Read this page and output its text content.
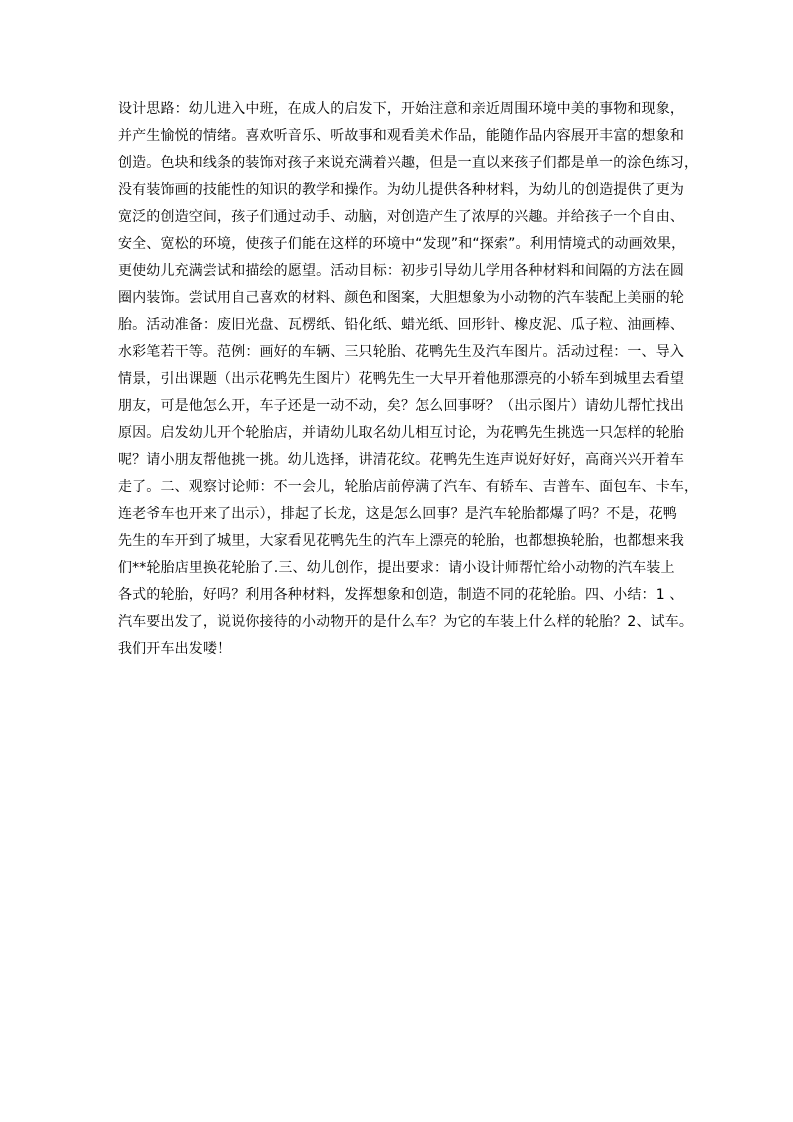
设计思路：幼儿进入中班，在成人的启发下，开始注意和亲近周围环境中美的事物和现象，
并产生愉悦的情绪。喜欢听音乐、听故事和观看美术作品，能随作品内容展开丰富的想象和
创造。色块和线条的装饰对孩子来说充满着兴趣，但是一直以来孩子们都是单一的涂色练习，
没有装饰画的技能性的知识的教学和操作。为幼儿提供各种材料，为幼儿的创造提供了更为
宽泛的创造空间，孩子们通过动手、动脑，对创造产生了浓厚的兴趣。并给孩子一个自由、
安全、宽松的环境，使孩子们能在这样的环境中“发现”和“探索”。利用情境式的动画效果，
更使幼儿充满尝试和描绘的愿望。活动目标：初步引导幼儿学用各种材料和间隔的方法在圆
圈内装饰。尝试用自己喜欢的材料、颜色和图案，大胆想象为小动物的汽车装配上美丽的轮
胎。活动准备：废旧光盘、瓦楞纸、铅化纸、蜡光纸、回形针、橡皮泥、瓜子粒、油画棒、
水彩笔若干等。范例：画好的车辆、三只轮胎、花鸭先生及汽车图片。活动过程：一、导入
情景，引出课题（出示花鸭先生图片）花鸭先生一大早开着他那漂亮的小轿车到城里去看望
朋友，可是他怎么开，车子还是一动不动，矣？怎么回事呀？（出示图片）请幼儿帮忙找出
原因。启发幼儿开个轮胎店，并请幼儿取名幼儿相互讨论，为花鸭先生挑选一只怎样的轮胎
呢？请小朋友帮他挑一挑。幼儿选择，讲清花纹。花鸭先生连声说好好好，高商兴兴开着车
走了。二、观察讨论师：不一会儿，轮胎店前停满了汽车、有轿车、吉普车、面包车、卡车，
连老爷车也开来了出示），排起了长龙，这是怎么回事？是汽车轮胎都爆了吗？不是，花鸭
先生的车开到了城里，大家看见花鸭先生的汽车上漂亮的轮胎，也都想换轮胎，也都想来我
们**轮胎店里换花轮胎了.三、幼儿创作，提出要求：请小设计师帮忙给小动物的汽车装上
各式的轮胎，好吗？利用各种材料，发挥想象和创造，制造不同的花轮胎。四、小结：1 、
汽车要出发了，说说你接待的小动物开的是什么车？为它的车装上什么样的轮胎？2、试车。
我们开车出发喽！
